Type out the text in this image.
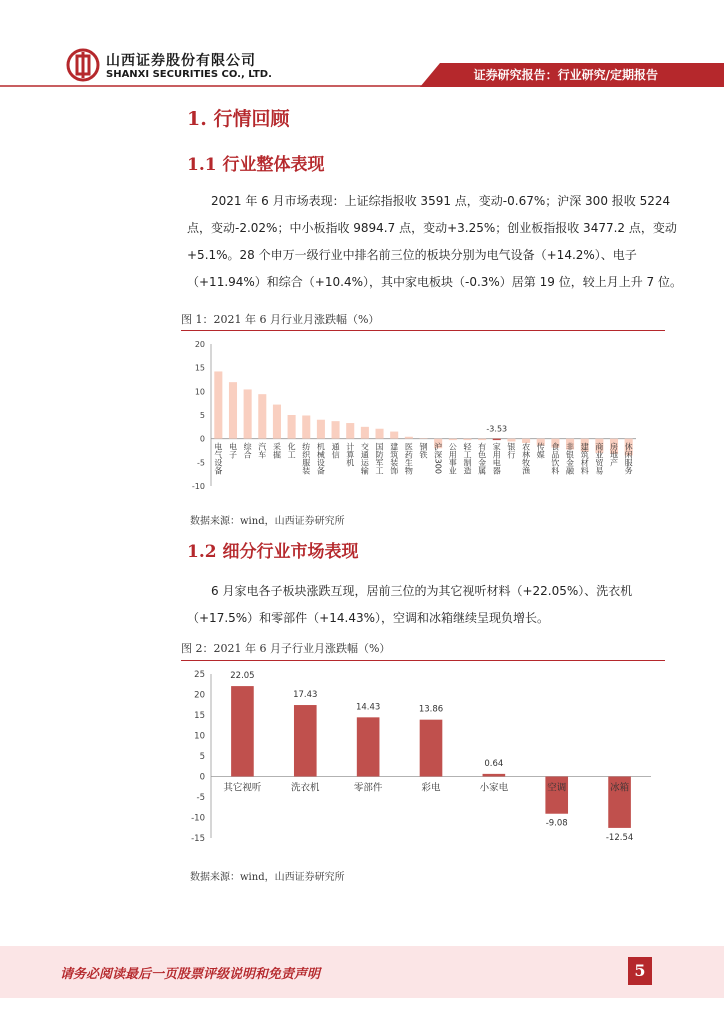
山西证券股份有限公司
SHANXI SECURITIES CO., LTD.	证券研究报告：行业研究/定期报告
1. 行情回顾
1.1 行业整体表现
2021 年 6 月市场表现：上证综指报收 3591 点，变动-0.67%；沪深 300 报收 5224 点，变动-2.02%；中小板指收 9894.7 点，变动+3.25%；创业板指报收 3477.2 点，变动+5.1%。28 个申万一级行业中排名前三位的板块分别为电气设备（+14.2%）、电子（+11.94%）和综合（+10.4%），其中家电板块（-0.3%）居第 19 位，较上月上升 7 位。
图 1：2021 年 6 月行业月涨跌幅（%）
-10
-5
0
5
10
15
20
电气设备 电子 综合 汽车 采掘 化工 纺织服装 机械设备 通信 计算机 交通运输 国防军工 建筑装饰 医药生物 钢铁 沪深300 公用事业 轻工制造 有色金属 家用电器 银行 农林牧渔 传媒 食品饮料 非银金融 建筑材料 商业贸易 房地产 休闲服务
-3.53
数据来源：wind，山西证券研究所
1.2 细分行业市场表现
6 月家电各子板块涨跌互现，居前三位的为其它视听材料（+22.05%）、洗衣机（+17.5%）和零部件（+14.43%），空调和冰箱继续呈现负增长。
图 2：2021 年 6 月子行业月涨跌幅（%）
-15
-10
-5
0
5
10
15
20
25
其它视听
22.05
洗衣机
17.43
零部件
14.43
彩电
13.86
小家电
0.64
空调
-9.08
冰箱
-12.54
数据来源：wind，山西证券研究所
请务必阅读最后一页股票评级说明和免责声明	5
